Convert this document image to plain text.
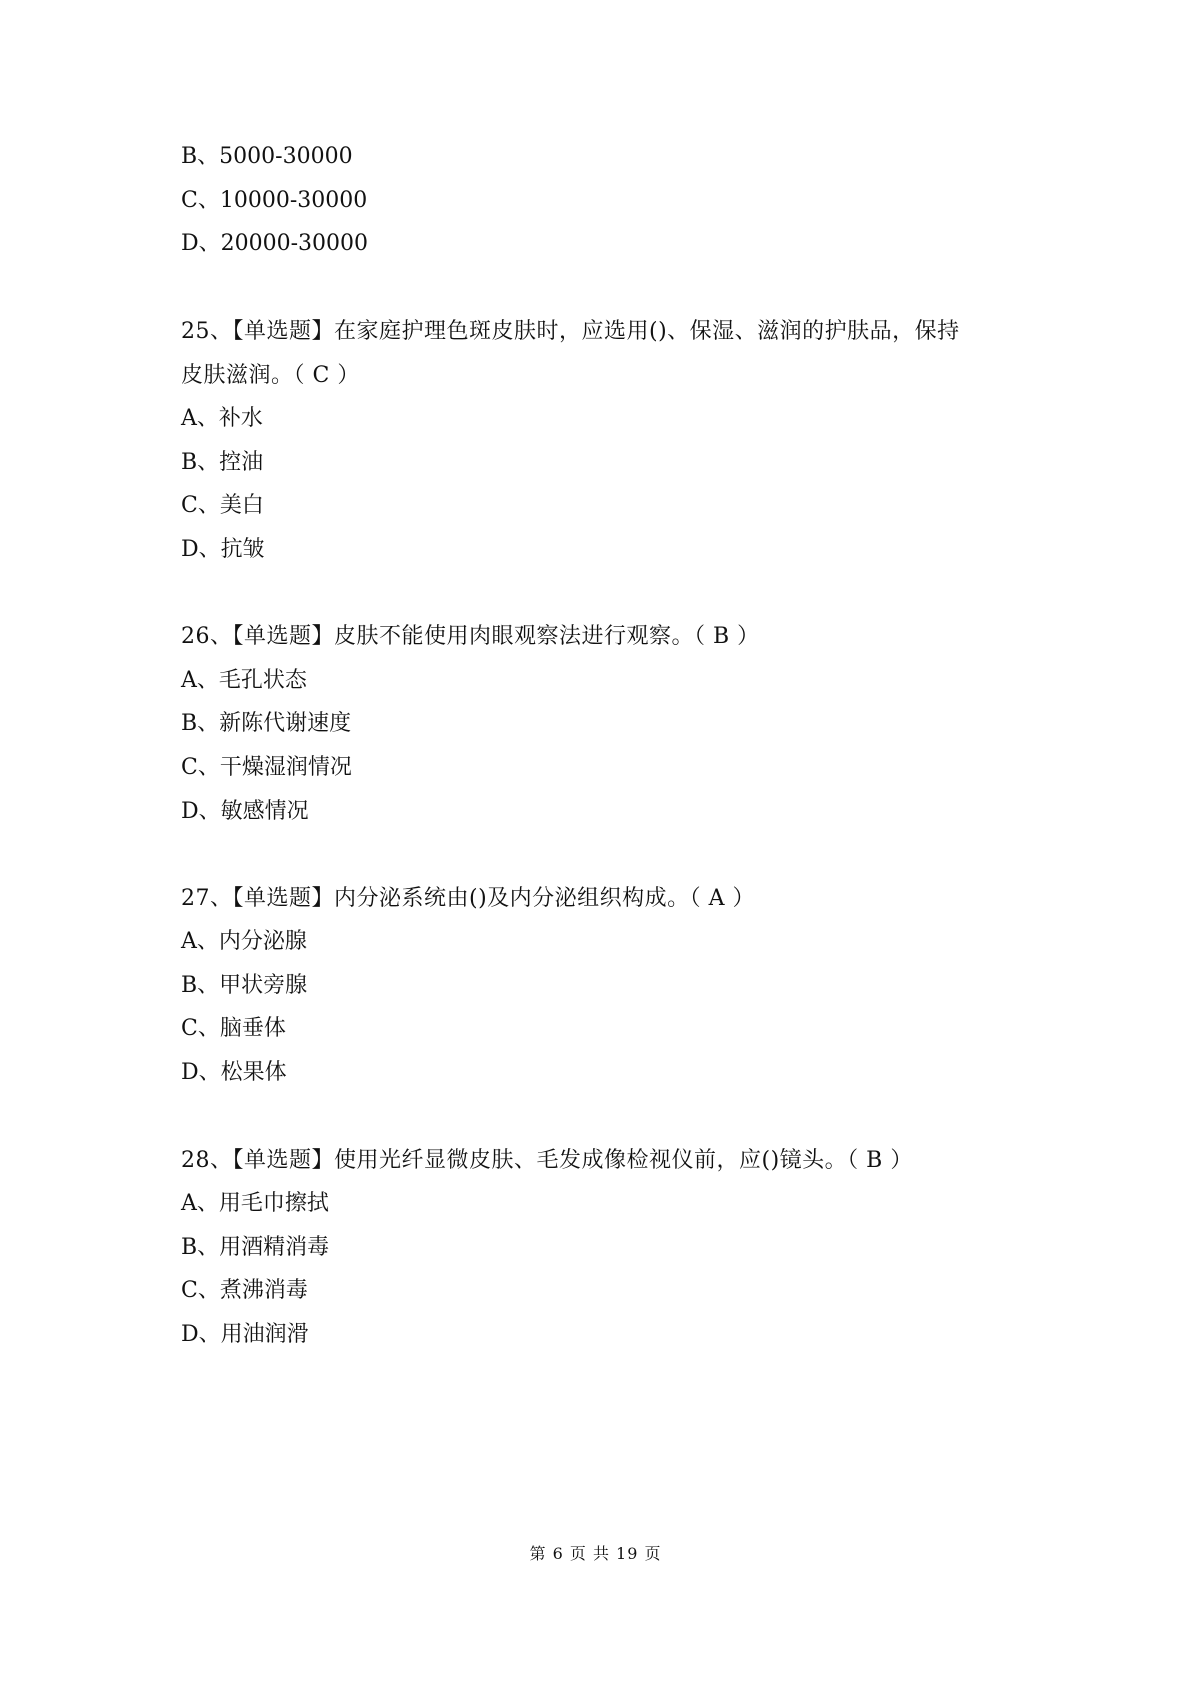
B、5000-30000
C、10000-30000
D、20000-30000
25、【单选题】在家庭护理色斑皮肤时，应选用()、保湿、滋润的护肤品，保持
皮肤滋润。（ C ）
A、补水
B、控油
C、美白
D、抗皱
26、【单选题】皮肤不能使用肉眼观察法进行观察。（ B ）
A、毛孔状态
B、新陈代谢速度
C、干燥湿润情况
D、敏感情况
27、【单选题】内分泌系统由()及内分泌组织构成。（ A ）
A、内分泌腺
B、甲状旁腺
C、脑垂体
D、松果体
28、【单选题】使用光纤显微皮肤、毛发成像检视仪前，应()镜头。（ B ）
A、用毛巾擦拭
B、用酒精消毒
C、煮沸消毒
D、用油润滑
第 6 页 共 19 页
